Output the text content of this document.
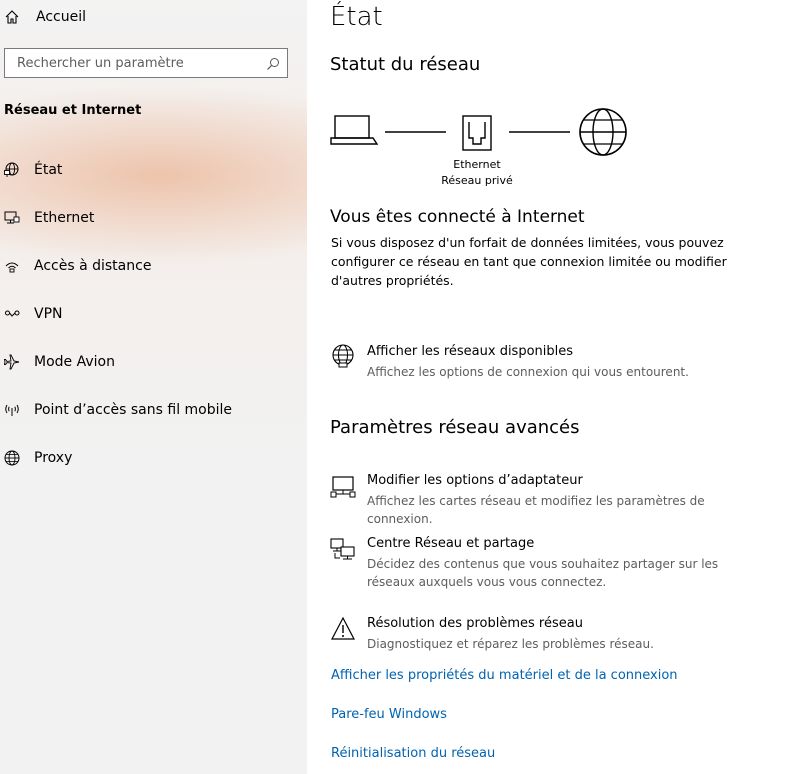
Accueil
Rechercher un paramètre
Réseau et Internet
État
Ethernet
Accès à distance
VPN
Mode Avion
Point d’accès sans fil mobile
Proxy
État
Statut du réseau
Ethernet
Réseau privé
Vous êtes connecté à Internet
Si vous disposez d'un forfait de données limitées, vous pouvez configurer ce réseau en tant que connexion limitée ou modifier d'autres propriétés.
Afficher les réseaux disponibles
Affichez les options de connexion qui vous entourent.
Paramètres réseau avancés
Modifier les options d’adaptateur
Affichez les cartes réseau et modifiez les paramètres de connexion.
Centre Réseau et partage
Décidez des contenus que vous souhaitez partager sur les réseaux auxquels vous vous connectez.
Résolution des problèmes réseau
Diagnostiquez et réparez les problèmes réseau.
Afficher les propriétés du matériel et de la connexion
Pare-feu Windows
Réinitialisation du réseau
